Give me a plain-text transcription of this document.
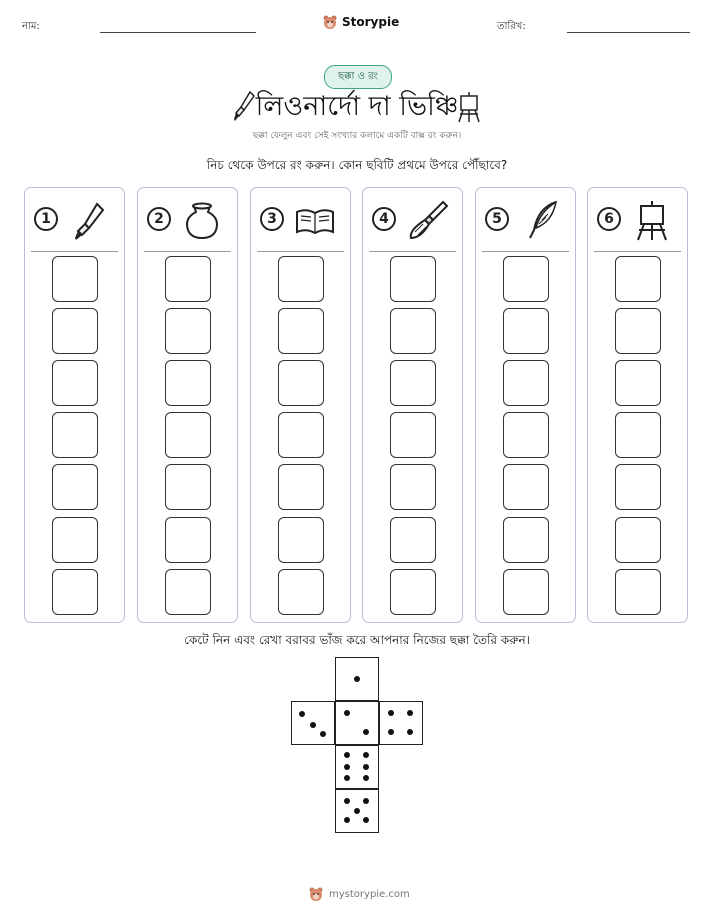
নাম:	Storypie	তারিখ:
ছক্কা ও রং
লিওনার্দো দা ভিঞ্চি
ছক্কা ফেলুন এবং সেই সংখ্যার কলামে একটি বাক্স রং করুন।
নিচ থেকে উপরে রং করুন। কোন ছবিটি প্রথমে উপরে পৌঁছাবে?
1	2	3	4	5	6
কেটে নিন এবং রেখা বরাবর ভাঁজ করে আপনার নিজের ছক্কা তৈরি করুন।
mystorypie.com
